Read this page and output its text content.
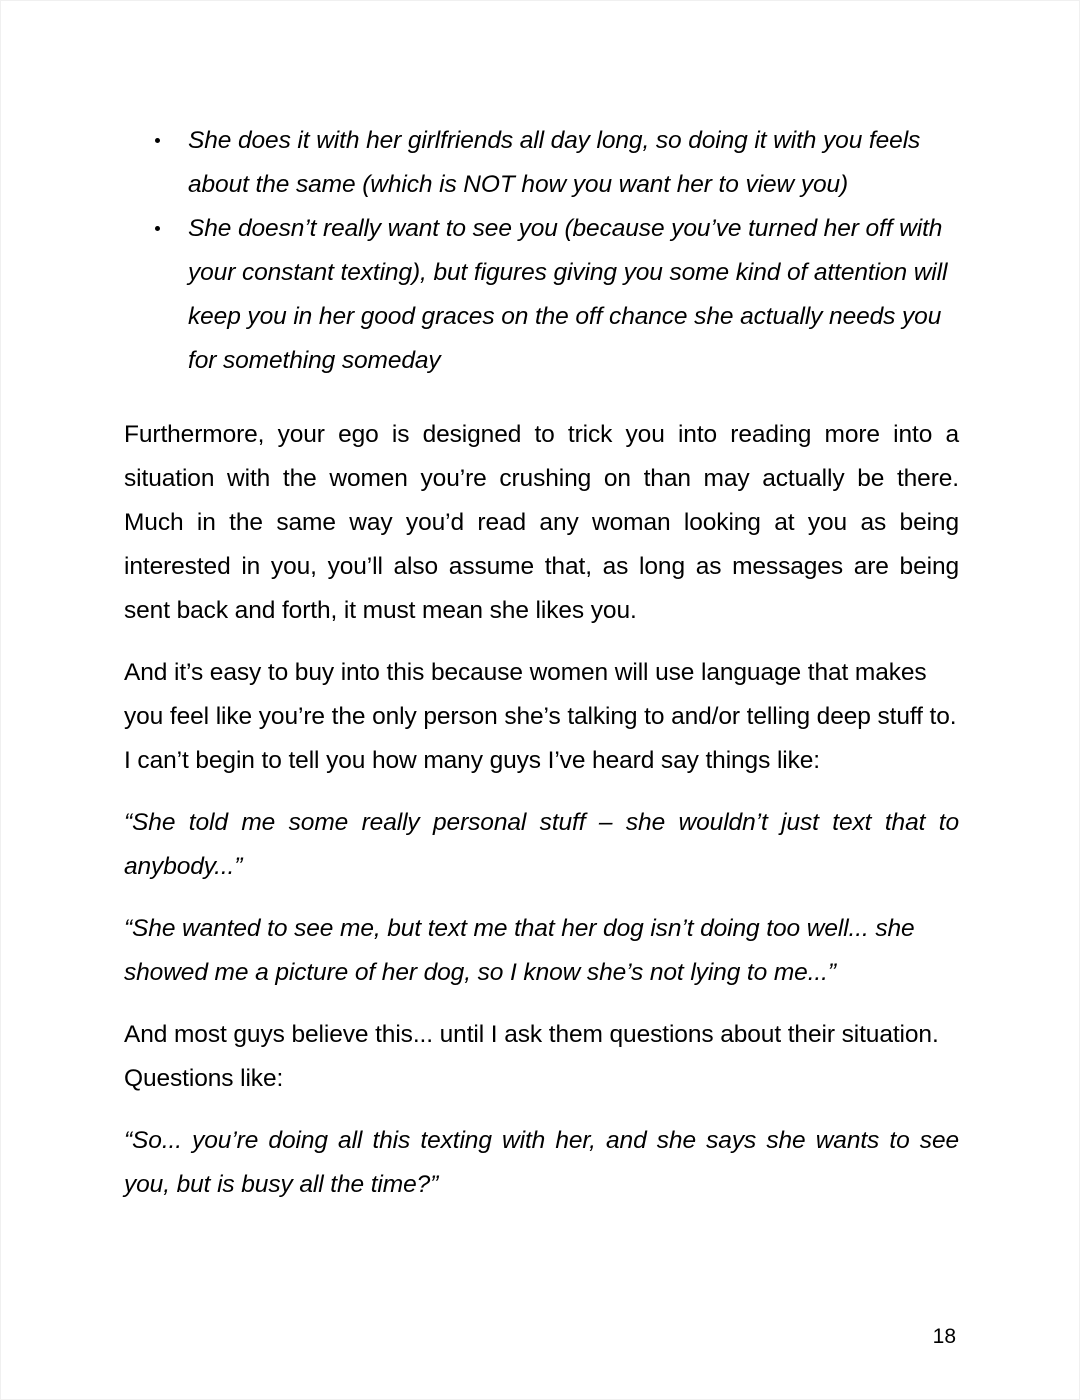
She does it with her girlfriends all day long, so doing it with you feels about the same (which is NOT how you want her to view you)
She doesn’t really want to see you (because you’ve turned her off with your constant texting), but figures giving you some kind of attention will keep you in her good graces on the off chance she actually needs you for something someday

Furthermore, your ego is designed to trick you into reading more into a situation with the women you’re crushing on than may actually be there. Much in the same way you’d read any woman looking at you as being interested in you, you’ll also assume that, as long as messages are being sent back and forth, it must mean she likes you.

And it’s easy to buy into this because women will use language that makes you feel like you’re the only person she’s talking to and/or telling deep stuff to. I can’t begin to tell you how many guys I’ve heard say things like:

“She told me some really personal stuff – she wouldn’t just text that to anybody...”

“She wanted to see me, but text me that her dog isn’t doing too well... she showed me a picture of her dog, so I know she’s not lying to me...”

And most guys believe this... until I ask them questions about their situation. Questions like:

“So... you’re doing all this texting with her, and she says she wants to see you, but is busy all the time?”

18
